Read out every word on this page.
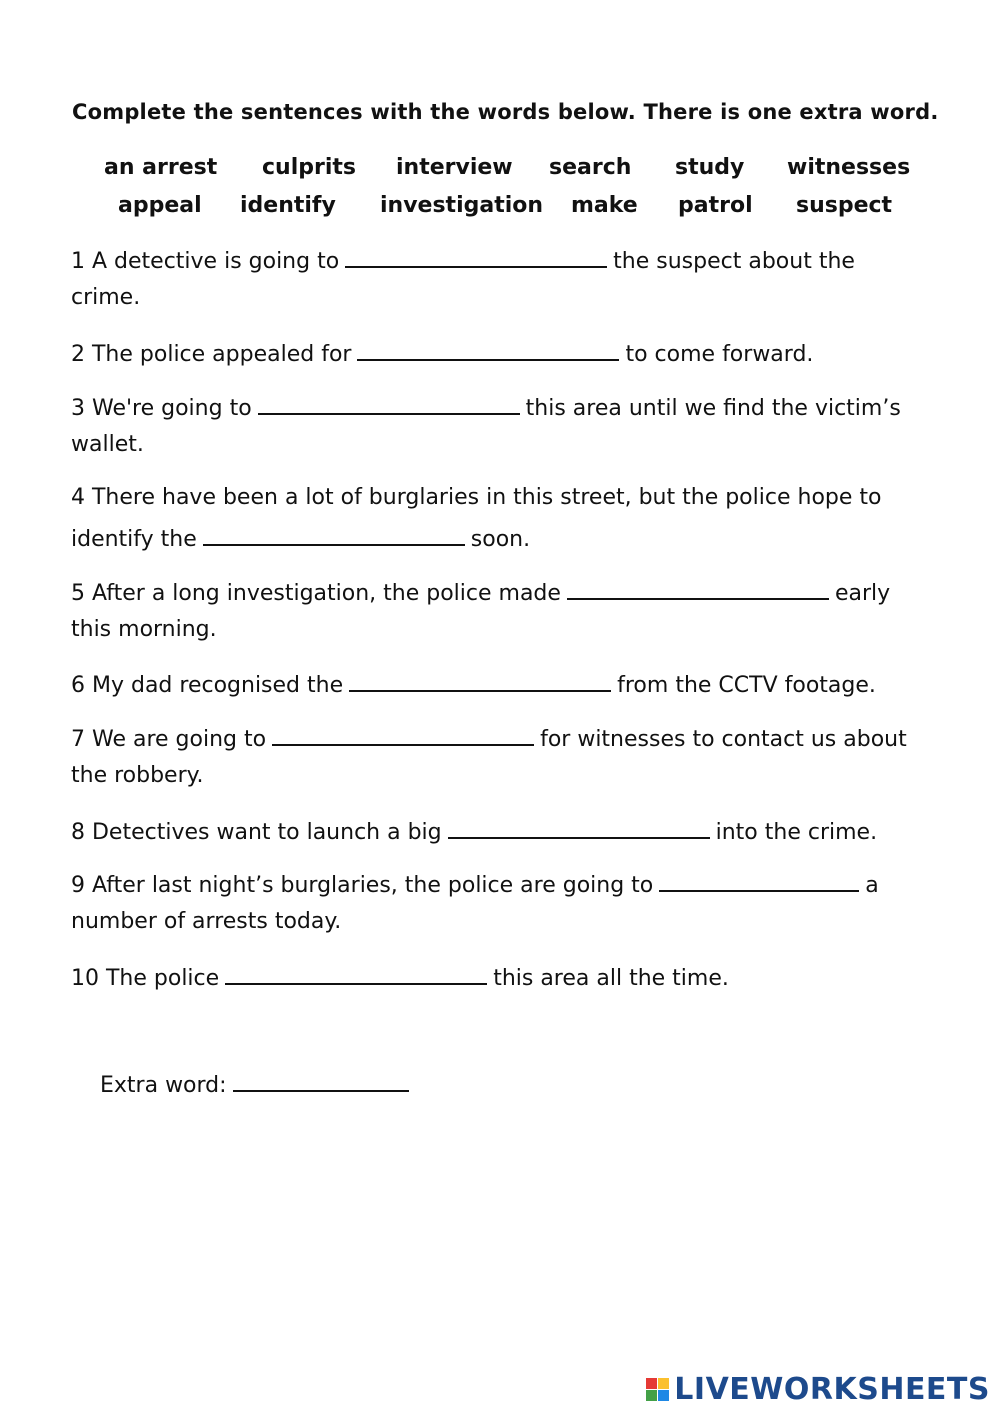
Complete the sentences with the words below. There is one extra word.
an arrest culprits interview search study witnesses
appeal identify investigation make patrol suspect
1 A detective is going to	the suspect about the
crime.
2 The police appealed for	to come forward.
3 We're going to	this area until we find the victim’s
wallet.
4 There have been a lot of burglaries in this street, but the police hope to
identify the	soon.
5 After a long investigation, the police made	early
this morning.
6 My dad recognised the	from the CCTV footage.
7 We are going to	for witnesses to contact us about
the robbery.
8 Detectives want to launch a big	into the crime.
9 After last night’s burglaries, the police are going to	a
number of arrests today.
10 The police	this area all the time.
Extra word:
LIVEWORKSHEETS
